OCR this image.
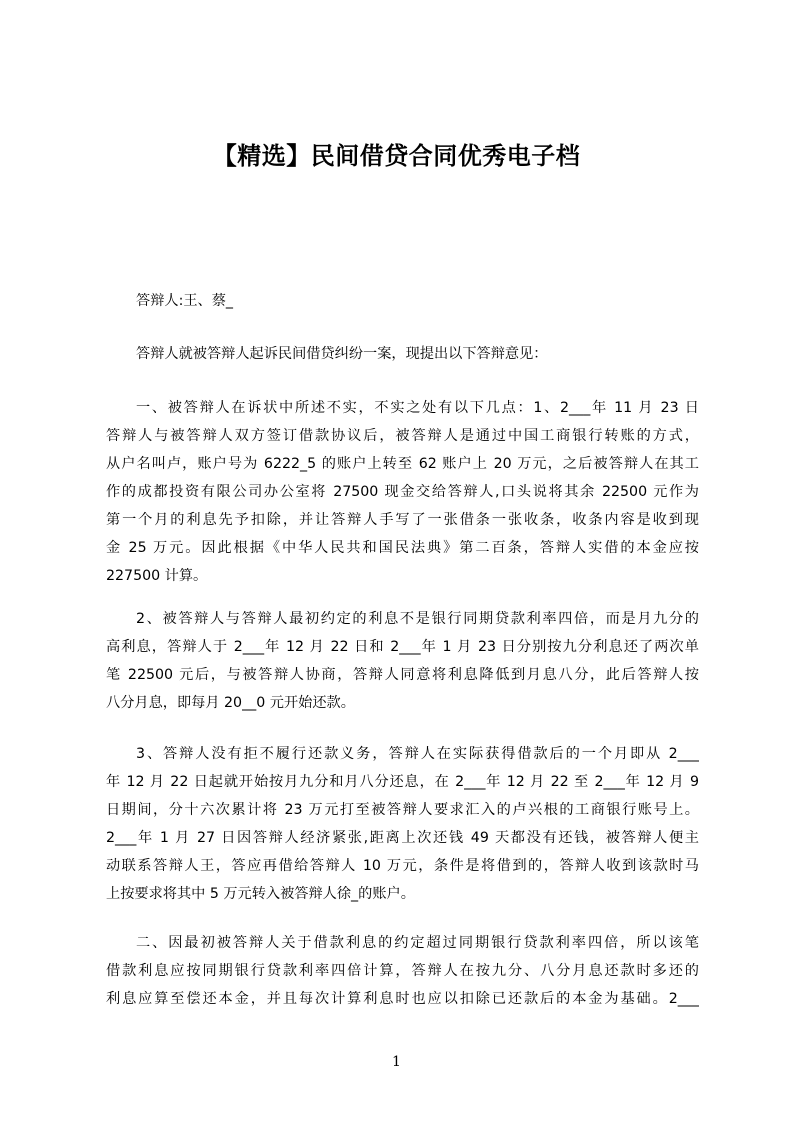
【精选】民间借贷合同优秀电子档
答辩人:王、蔡_
答辩人就被答辩人起诉民间借贷纠纷一案，现提出以下答辩意见：
一、被答辩人在诉状中所述不实，不实之处有以下几点：1、2___年 11 月 23 日
答辩人与被答辩人双方签订借款协议后，被答辩人是通过中国工商银行转账的方式，
从户名叫卢，账户号为 6222_5 的账户上转至 62 账户上 20 万元，之后被答辩人在其工
作的成都投资有限公司办公室将 27500 现金交给答辩人,口头说将其余 22500 元作为
第一个月的利息先予扣除，并让答辩人手写了一张借条一张收条，收条内容是收到现
金 25 万元。因此根据《中华人民共和国民法典》第二百条，答辩人实借的本金应按
227500 计算。
2、被答辩人与答辩人最初约定的利息不是银行同期贷款利率四倍，而是月九分的
高利息，答辩人于 2___年 12 月 22 日和 2___年 1 月 23 日分别按九分利息还了两次单
笔 22500 元后，与被答辩人协商，答辩人同意将利息降低到月息八分，此后答辩人按
八分月息，即每月 20__0 元开始还款。
3、答辩人没有拒不履行还款义务，答辩人在实际获得借款后的一个月即从 2___
年 12 月 22 日起就开始按月九分和月八分还息，在 2___年 12 月 22 至 2___年 12 月 9
日期间，分十六次累计将 23 万元打至被答辩人要求汇入的卢兴根的工商银行账号上。
2___年 1 月 27 日因答辩人经济紧张,距离上次还钱 49 天都没有还钱，被答辩人便主
动联系答辩人王，答应再借给答辩人 10 万元，条件是将借到的，答辩人收到该款时马
上按要求将其中 5 万元转入被答辩人徐_的账户。
二、因最初被答辩人关于借款利息的约定超过同期银行贷款利率四倍，所以该笔
借款利息应按同期银行贷款利率四倍计算，答辩人在按九分、八分月息还款时多还的
利息应算至偿还本金，并且每次计算利息时也应以扣除已还款后的本金为基础。2___
1
